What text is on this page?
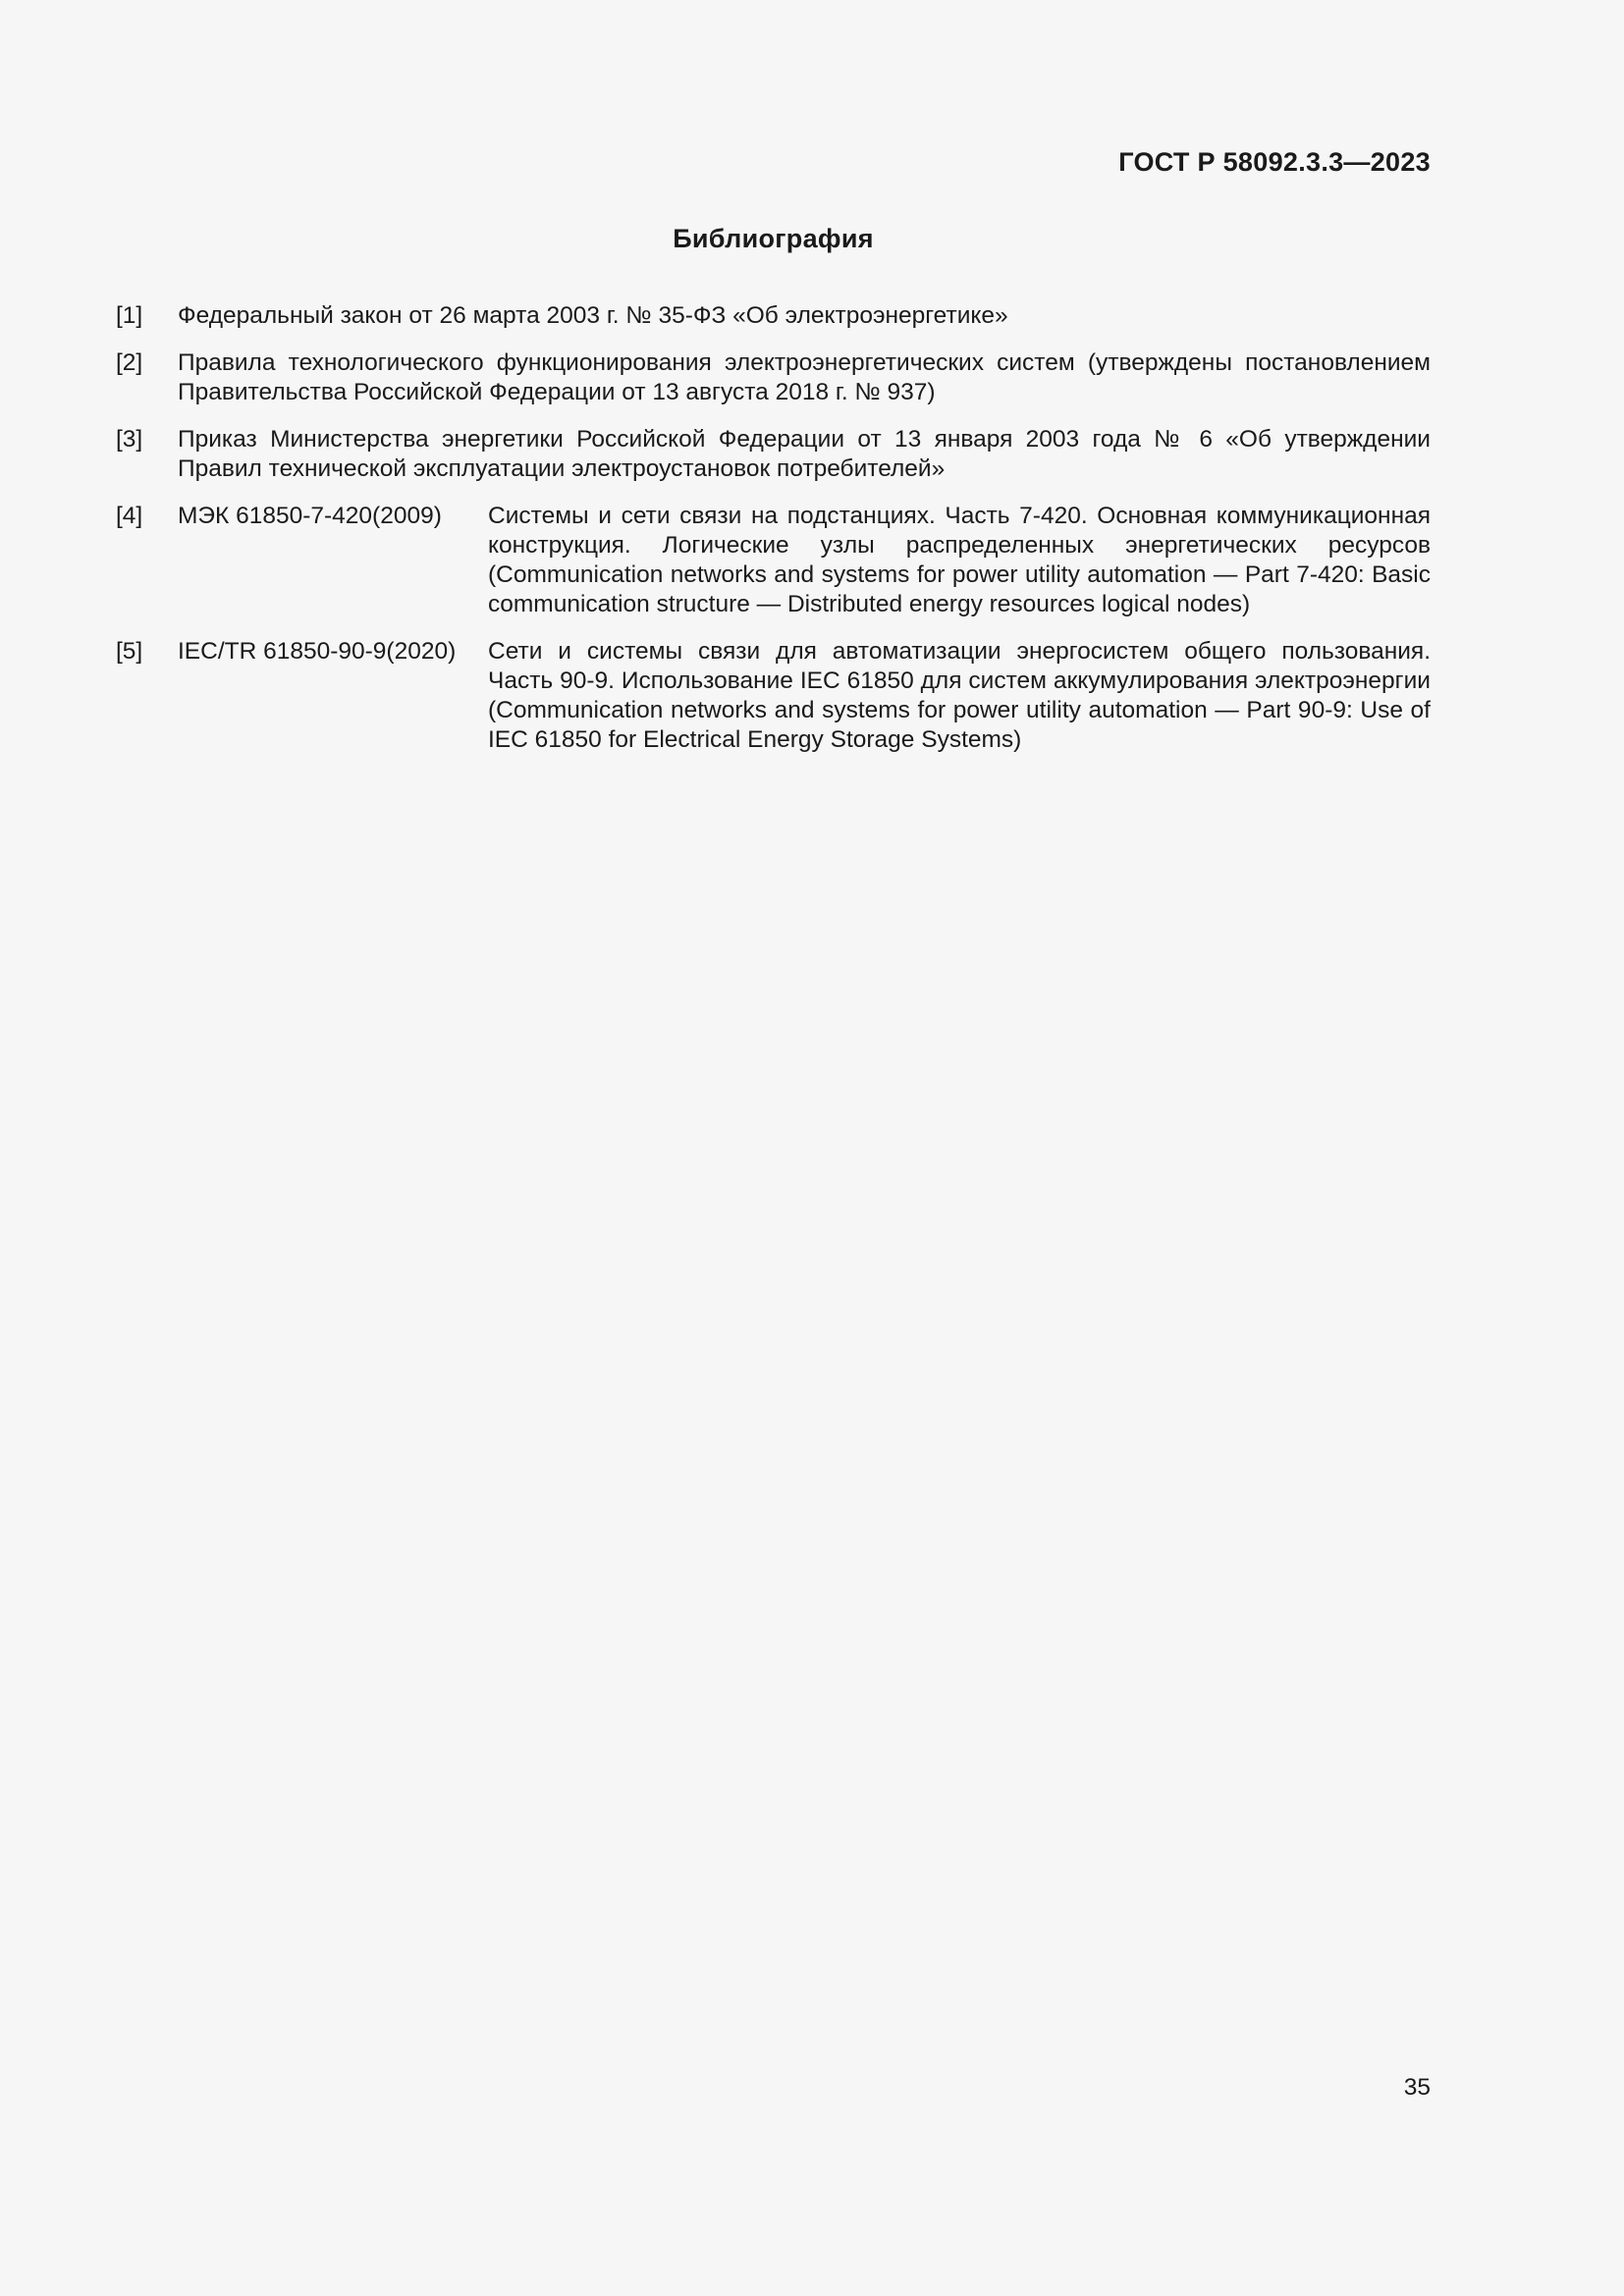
ГОСТ Р 58092.3.3—2023
Библиография
[1]	Федеральный закон от 26 марта 2003 г. № 35-ФЗ «Об электроэнергетике»
[2]	Правила технологического функционирования электроэнергетических систем (утверждены постановлением Правительства Российской Федерации от 13 августа 2018 г. № 937)
[3]	Приказ Министерства энергетики Российской Федерации от 13 января 2003 года № 6 «Об утверждении Правил технической эксплуатации электроустановок потребителей»
[4]	МЭК 61850-7-420(2009)	Системы и сети связи на подстанциях. Часть 7-420. Основная коммуникационная конструкция. Логические узлы распределенных энергетических ресурсов (Communication networks and systems for power utility automation — Part 7-420: Basic communication structure — Distributed energy resources logical nodes)
[5]	IEC/TR 61850-90-9(2020)	Сети и системы связи для автоматизации энергосистем общего пользования. Часть 90-9. Использование IEC 61850 для систем аккумулирования электроэнергии (Communication networks and systems for power utility automation — Part 90-9: Use of IEC 61850 for Electrical Energy Storage Systems)
35
